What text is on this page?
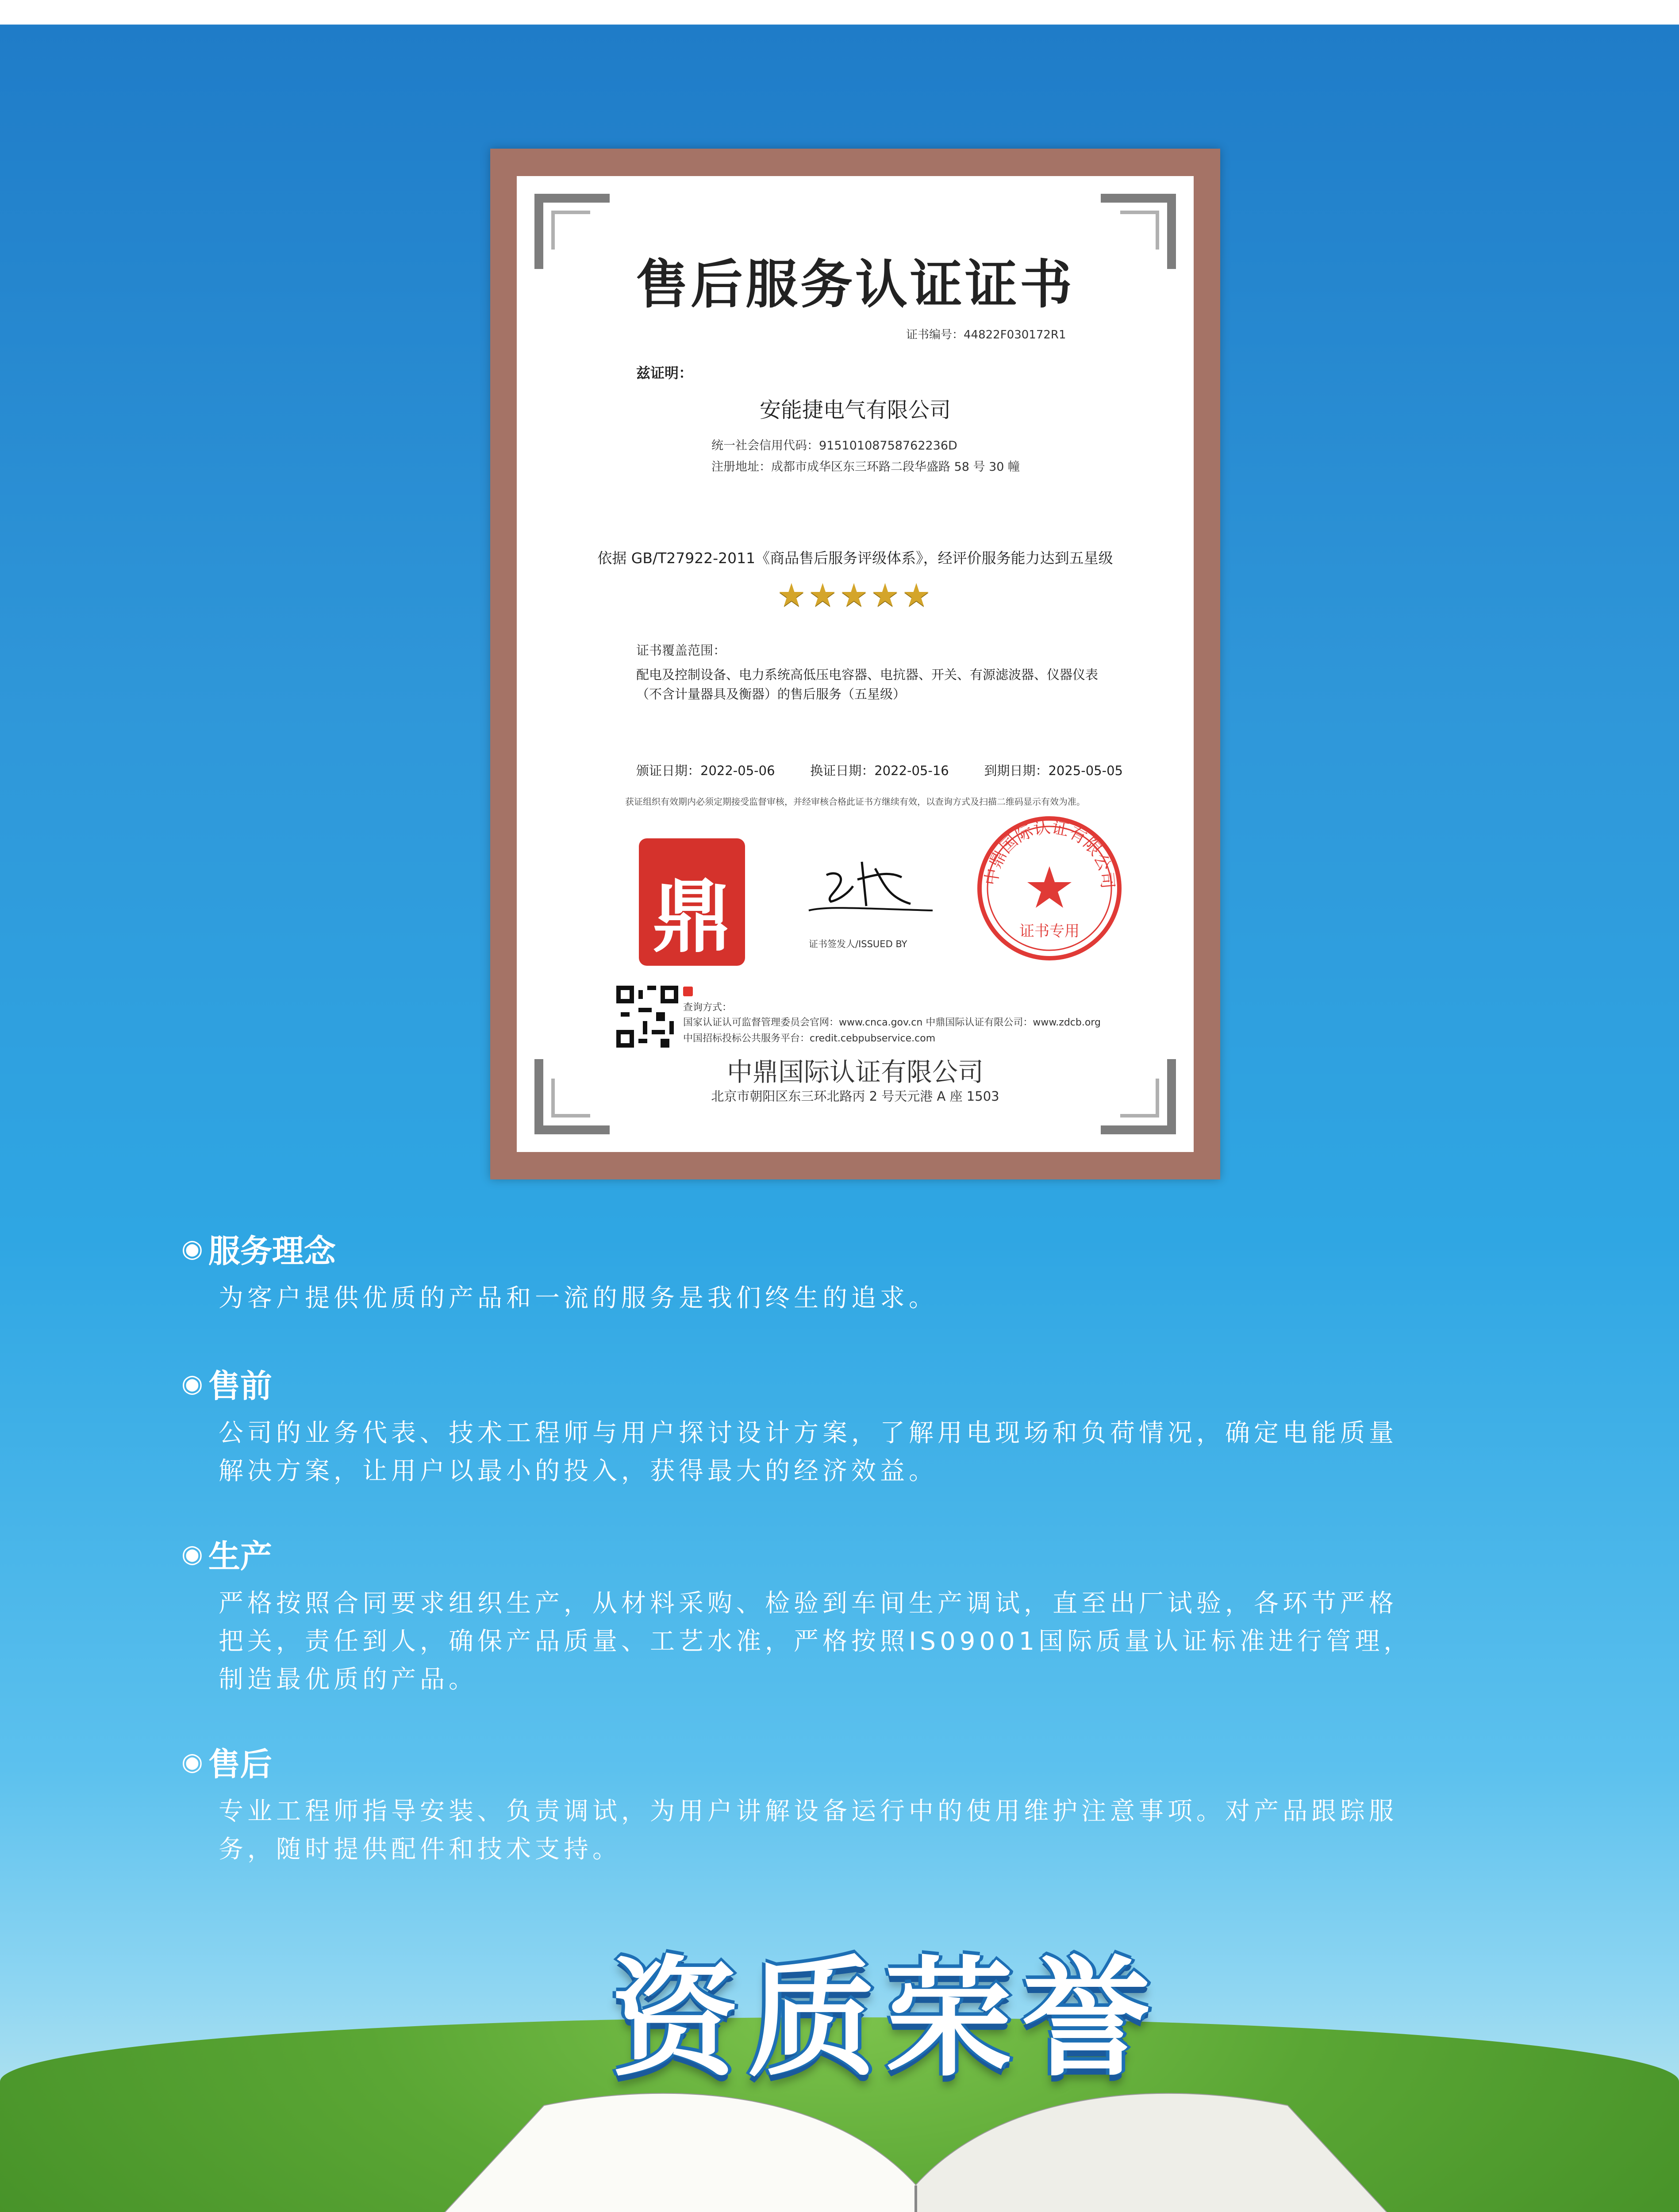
售后服务认证证书
证书编号：44822F030172R1
兹证明：
安能捷电气有限公司
统一社会信用代码：91510108758762236D
注册地址：成都市成华区东三环路二段华盛路 58 号 30 幢
依据 GB/T27922-2011《商品售后服务评级体系》，经评价服务能力达到五星级
★★★★★
证书覆盖范围：
配电及控制设备、电力系统高低压电容器、电抗器、开关、有源滤波器、仪器仪表
（不含计量器具及衡器）的售后服务（五星级）
颁证日期：2022-05-06	换证日期：2022-05-16	到期日期：2025-05-05
获证组织有效期内必须定期接受监督审核，并经审核合格此证书方继续有效，以查询方式及扫描二维码显示有效为准。
鼎	证书签发人/ISSUED BY
中鼎国际认证有限公司
证书专用
查询方式：
国家认证认可监督管理委员会官网：www.cnca.gov.cn 中鼎国际认证有限公司：www.zdcb.org
中国招标投标公共服务平台：credit.cebpubservice.com
中鼎国际认证有限公司
北京市朝阳区东三环北路丙 2 号天元港 A 座 1503
◉ 服务理念
为客户提供优质的产品和一流的服务是我们终生的追求。
◉ 售前
公司的业务代表、技术工程师与用户探讨设计方案，了解用电现场和负荷情况，确定电能质量
解决方案，让用户以最小的投入，获得最大的经济效益。
◉ 生产
严格按照合同要求组织生产，从材料采购、检验到车间生产调试，直至出厂试验，各环节严格
把关，责任到人，确保产品质量、工艺水准，严格按照IS09001国际质量认证标准进行管理，
制造最优质的产品。
◉ 售后
专业工程师指导安装、负责调试，为用户讲解设备运行中的使用维护注意事项。对产品跟踪服
务，随时提供配件和技术支持。
资质荣誉
